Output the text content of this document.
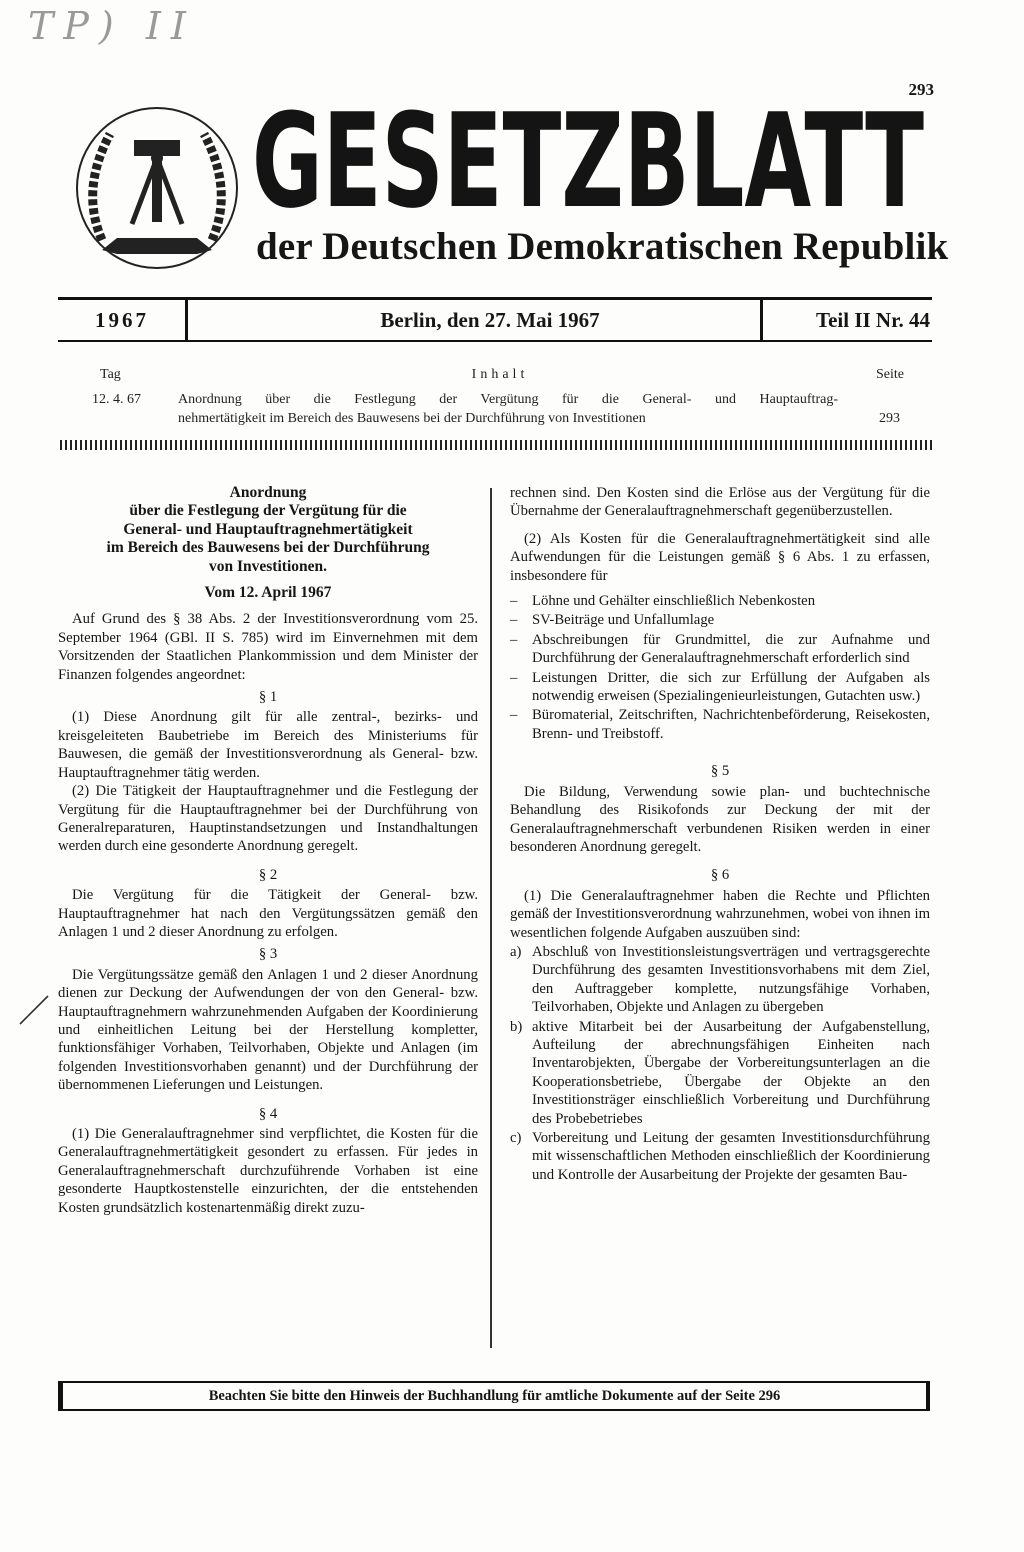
TP) II
293
GESETZBLATT
der Deutschen Demokratischen Republik
1967	Berlin, den 27. Mai 1967	Teil II Nr. 44
Tag	Inhalt	Seite
12. 4. 67	Anordnung über die Festlegung der Vergütung für die General- und Hauptauftrag-
nehmertätigkeit im Bereich des Bauwesens bei der Durchführung von Investitionen	293
Anordnung
über die Festlegung der Vergütung für die
General- und Hauptauftragnehmertätigkeit
im Bereich des Bauwesens bei der Durchführung
von Investitionen.
Vom 12. April 1967

Auf Grund des § 38 Abs. 2 der Investitionsverordnung vom 25. September 1964 (GBl. II S. 785) wird im Einvernehmen mit dem Vorsitzenden der Staatlichen Plankommission und dem Minister der Finanzen folgendes angeordnet:

§ 1

(1) Diese Anordnung gilt für alle zentral-, bezirks- und kreisgeleiteten Baubetriebe im Bereich des Ministeriums für Bauwesen, die gemäß der Investitionsverordnung als General- bzw. Hauptauftragnehmer tätig werden.

(2) Die Tätigkeit der Hauptauftragnehmer und die Festlegung der Vergütung für die Hauptauftragnehmer bei der Durchführung von Generalreparaturen, Hauptinstandsetzungen und Instandhaltungen werden durch eine gesonderte Anordnung geregelt.

§ 2

Die Vergütung für die Tätigkeit der General- bzw. Hauptauftragnehmer hat nach den Vergütungssätzen gemäß den Anlagen 1 und 2 dieser Anordnung zu erfolgen.

§ 3

Die Vergütungssätze gemäß den Anlagen 1 und 2 dieser Anordnung dienen zur Deckung der Aufwendungen der von den General- bzw. Hauptauftragnehmern wahrzunehmenden Aufgaben der Koordinierung und einheitlichen Leitung bei der Herstellung kompletter, funktionsfähiger Vorhaben, Teilvorhaben, Objekte und Anlagen (im folgenden Investitionsvorhaben genannt) und der Durchführung der übernommenen Lieferungen und Leistungen.

§ 4

(1) Die Generalauftragnehmer sind verpflichtet, die Kosten für die Generalauftragnehmertätigkeit gesondert zu erfassen. Für jedes in Generalauftragnehmerschaft durchzuführende Vorhaben ist eine gesonderte Hauptkostenstelle einzurichten, der die entstehenden Kosten grundsätzlich kostenartenmäßig direkt zuzu-

rechnen sind. Den Kosten sind die Erlöse aus der Vergütung für die Übernahme der Generalauftragnehmerschaft gegenüberzustellen.

(2) Als Kosten für die Generalauftragnehmertätigkeit sind alle Aufwendungen für die Leistungen gemäß § 6 Abs. 1 zu erfassen, insbesondere für

– Löhne und Gehälter einschließlich Nebenkosten
– SV-Beiträge und Unfallumlage
– Abschreibungen für Grundmittel, die zur Aufnahme und Durchführung der Generalauftragnehmerschaft erforderlich sind
– Leistungen Dritter, die sich zur Erfüllung der Aufgaben als notwendig erweisen (Spezialingenieurleistungen, Gutachten usw.)
– Büromaterial, Zeitschriften, Nachrichtenbeförderung, Reisekosten, Brenn- und Treibstoff.
§ 5

Die Bildung, Verwendung sowie plan- und buchtechnische Behandlung des Risikofonds zur Deckung der mit der Generalauftragnehmerschaft verbundenen Risiken werden in einer besonderen Anordnung geregelt.

§ 6

(1) Die Generalauftragnehmer haben die Rechte und Pflichten gemäß der Investitionsverordnung wahrzunehmen, wobei von ihnen im wesentlichen folgende Aufgaben auszuüben sind:

a) Abschluß von Investitionsleistungsverträgen und vertragsgerechte Durchführung des gesamten Investitionsvorhabens mit dem Ziel, den Auftraggeber komplette, nutzungsfähige Vorhaben, Teilvorhaben, Objekte und Anlagen zu übergeben
b) aktive Mitarbeit bei der Ausarbeitung der Aufgabenstellung, Aufteilung der abrechnungsfähigen Einheiten nach Inventarobjekten, Übergabe der Vorbereitungsunterlagen an die Kooperationsbetriebe, Übergabe der Objekte an den Investitionsträger einschließlich Vorbereitung und Durchführung des Probebetriebes
c) Vorbereitung und Leitung der gesamten Investitionsdurchführung mit wissenschaftlichen Methoden einschließlich der Koordinierung und Kontrolle der Ausarbeitung der Projekte der gesamten Bau-
Beachten Sie bitte den Hinweis der Buchhandlung für amtliche Dokumente auf der Seite 296
